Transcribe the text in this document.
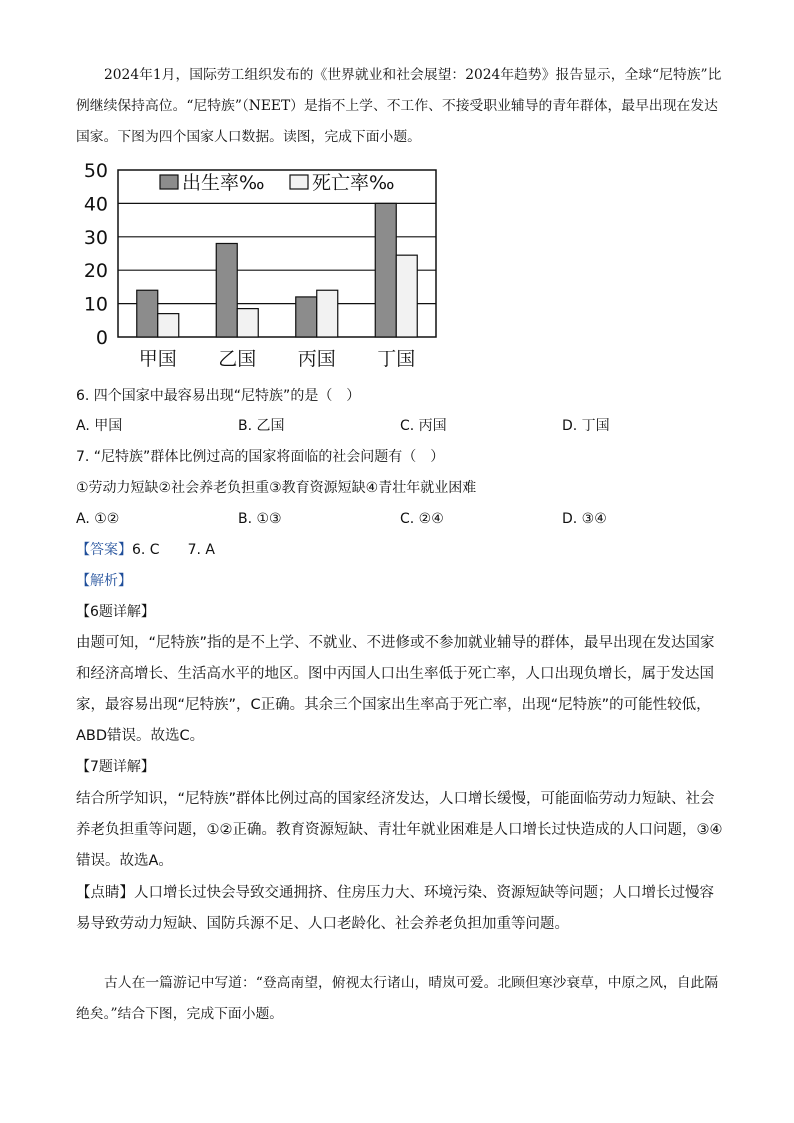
2024年1月，国际劳工组织发布的《世界就业和社会展望：2024年趋势》报告显示，全球“尼特族”比例继续保持高位。“尼特族”（NEET）是指不上学、不工作、不接受职业辅导的青年群体，最早出现在发达国家。下图为四个国家人口数据。读图，完成下面小题。
0
10
20
30
40
50
甲国 乙国 丙国 丁国
出生率‰	死亡率‰
6. 四个国家中最容易出现“尼特族”的是（　）
A. 甲国	B. 乙国	C. 丙国	D. 丁国
7. “尼特族”群体比例过高的国家将面临的社会问题有（　）
①劳动力短缺②社会养老负担重③教育资源短缺④青壮年就业困难
A. ①②	B. ①③	C. ②④	D. ③④
【答案】6. C　　7. A
【解析】
【6题详解】
由题可知，“尼特族”指的是不上学、不就业、不进修或不参加就业辅导的群体，最早出现在发达国家和经济高增长、生活高水平的地区。图中丙国人口出生率低于死亡率，人口出现负增长，属于发达国家，最容易出现“尼特族”，C正确。其余三个国家出生率高于死亡率，出现“尼特族”的可能性较低，ABD错误。故选C。
【7题详解】
结合所学知识，“尼特族”群体比例过高的国家经济发达，人口增长缓慢，可能面临劳动力短缺、社会养老负担重等问题，①②正确。教育资源短缺、青壮年就业困难是人口增长过快造成的人口问题，③④错误。故选A。
【点睛】人口增长过快会导致交通拥挤、住房压力大、环境污染、资源短缺等问题；人口增长过慢容易导致劳动力短缺、国防兵源不足、人口老龄化、社会养老负担加重等问题。
古人在一篇游记中写道：“登高南望，俯视太行诸山，晴岚可爱。北顾但寒沙衰草，中原之风，自此隔绝矣。”结合下图，完成下面小题。
